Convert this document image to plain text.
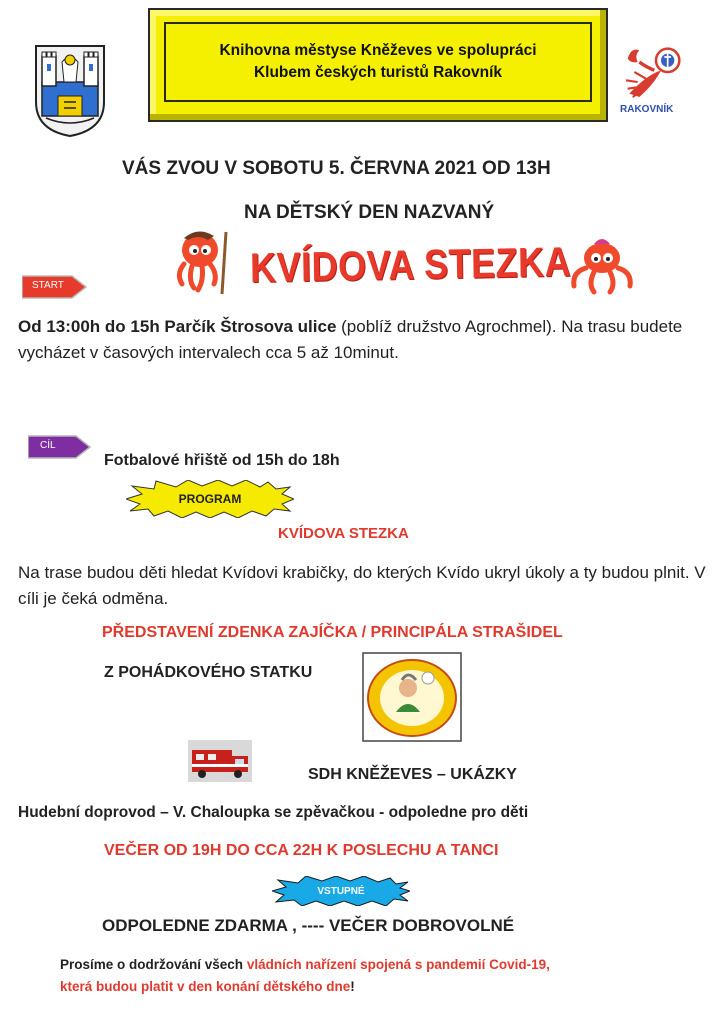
Knihovna městyse Kněževes ve spolupráci
Klubem českých turistů Rakovník
RAKOVNÍK
VÁS ZVOU V SOBOTU 5. ČERVNA 2021 OD 13H
NA DĚTSKÝ DEN NAZVANÝ
KVÍDOVA STEZKA
START
Od 13:00h do 15h Parčík Štrosova ulice (poblíž družstvo Agrochmel). Na trasu budete vycházet v časových intervalech cca 5 až 10minut.
CÍL
Fotbalové hřiště od 15h do 18h
PROGRAM
KVÍDOVA STEZKA
Na trase budou děti hledat Kvídovi krabičky, do kterých Kvído ukryl úkoly a ty budou plnit. V cíli je čeká odměna.
PŘEDSTAVENÍ ZDENKA ZAJÍČKA / PRINCIPÁLA STRAŠIDEL
Z POHÁDKOVÉHO STATKU
SDH KNĚŽEVES – UKÁZKY
Hudební doprovod – V. Chaloupka se zpěvačkou - odpoledne pro děti
VEČER OD 19H DO CCA 22H K POSLECHU A TANCI
VSTUPNÉ
ODPOLEDNE ZDARMA , ---- VEČER DOBROVOLNÉ
Prosíme o dodržování všech vládních nařízení spojená s pandemií Covid-19,
která budou platit v den konání dětského dne!
